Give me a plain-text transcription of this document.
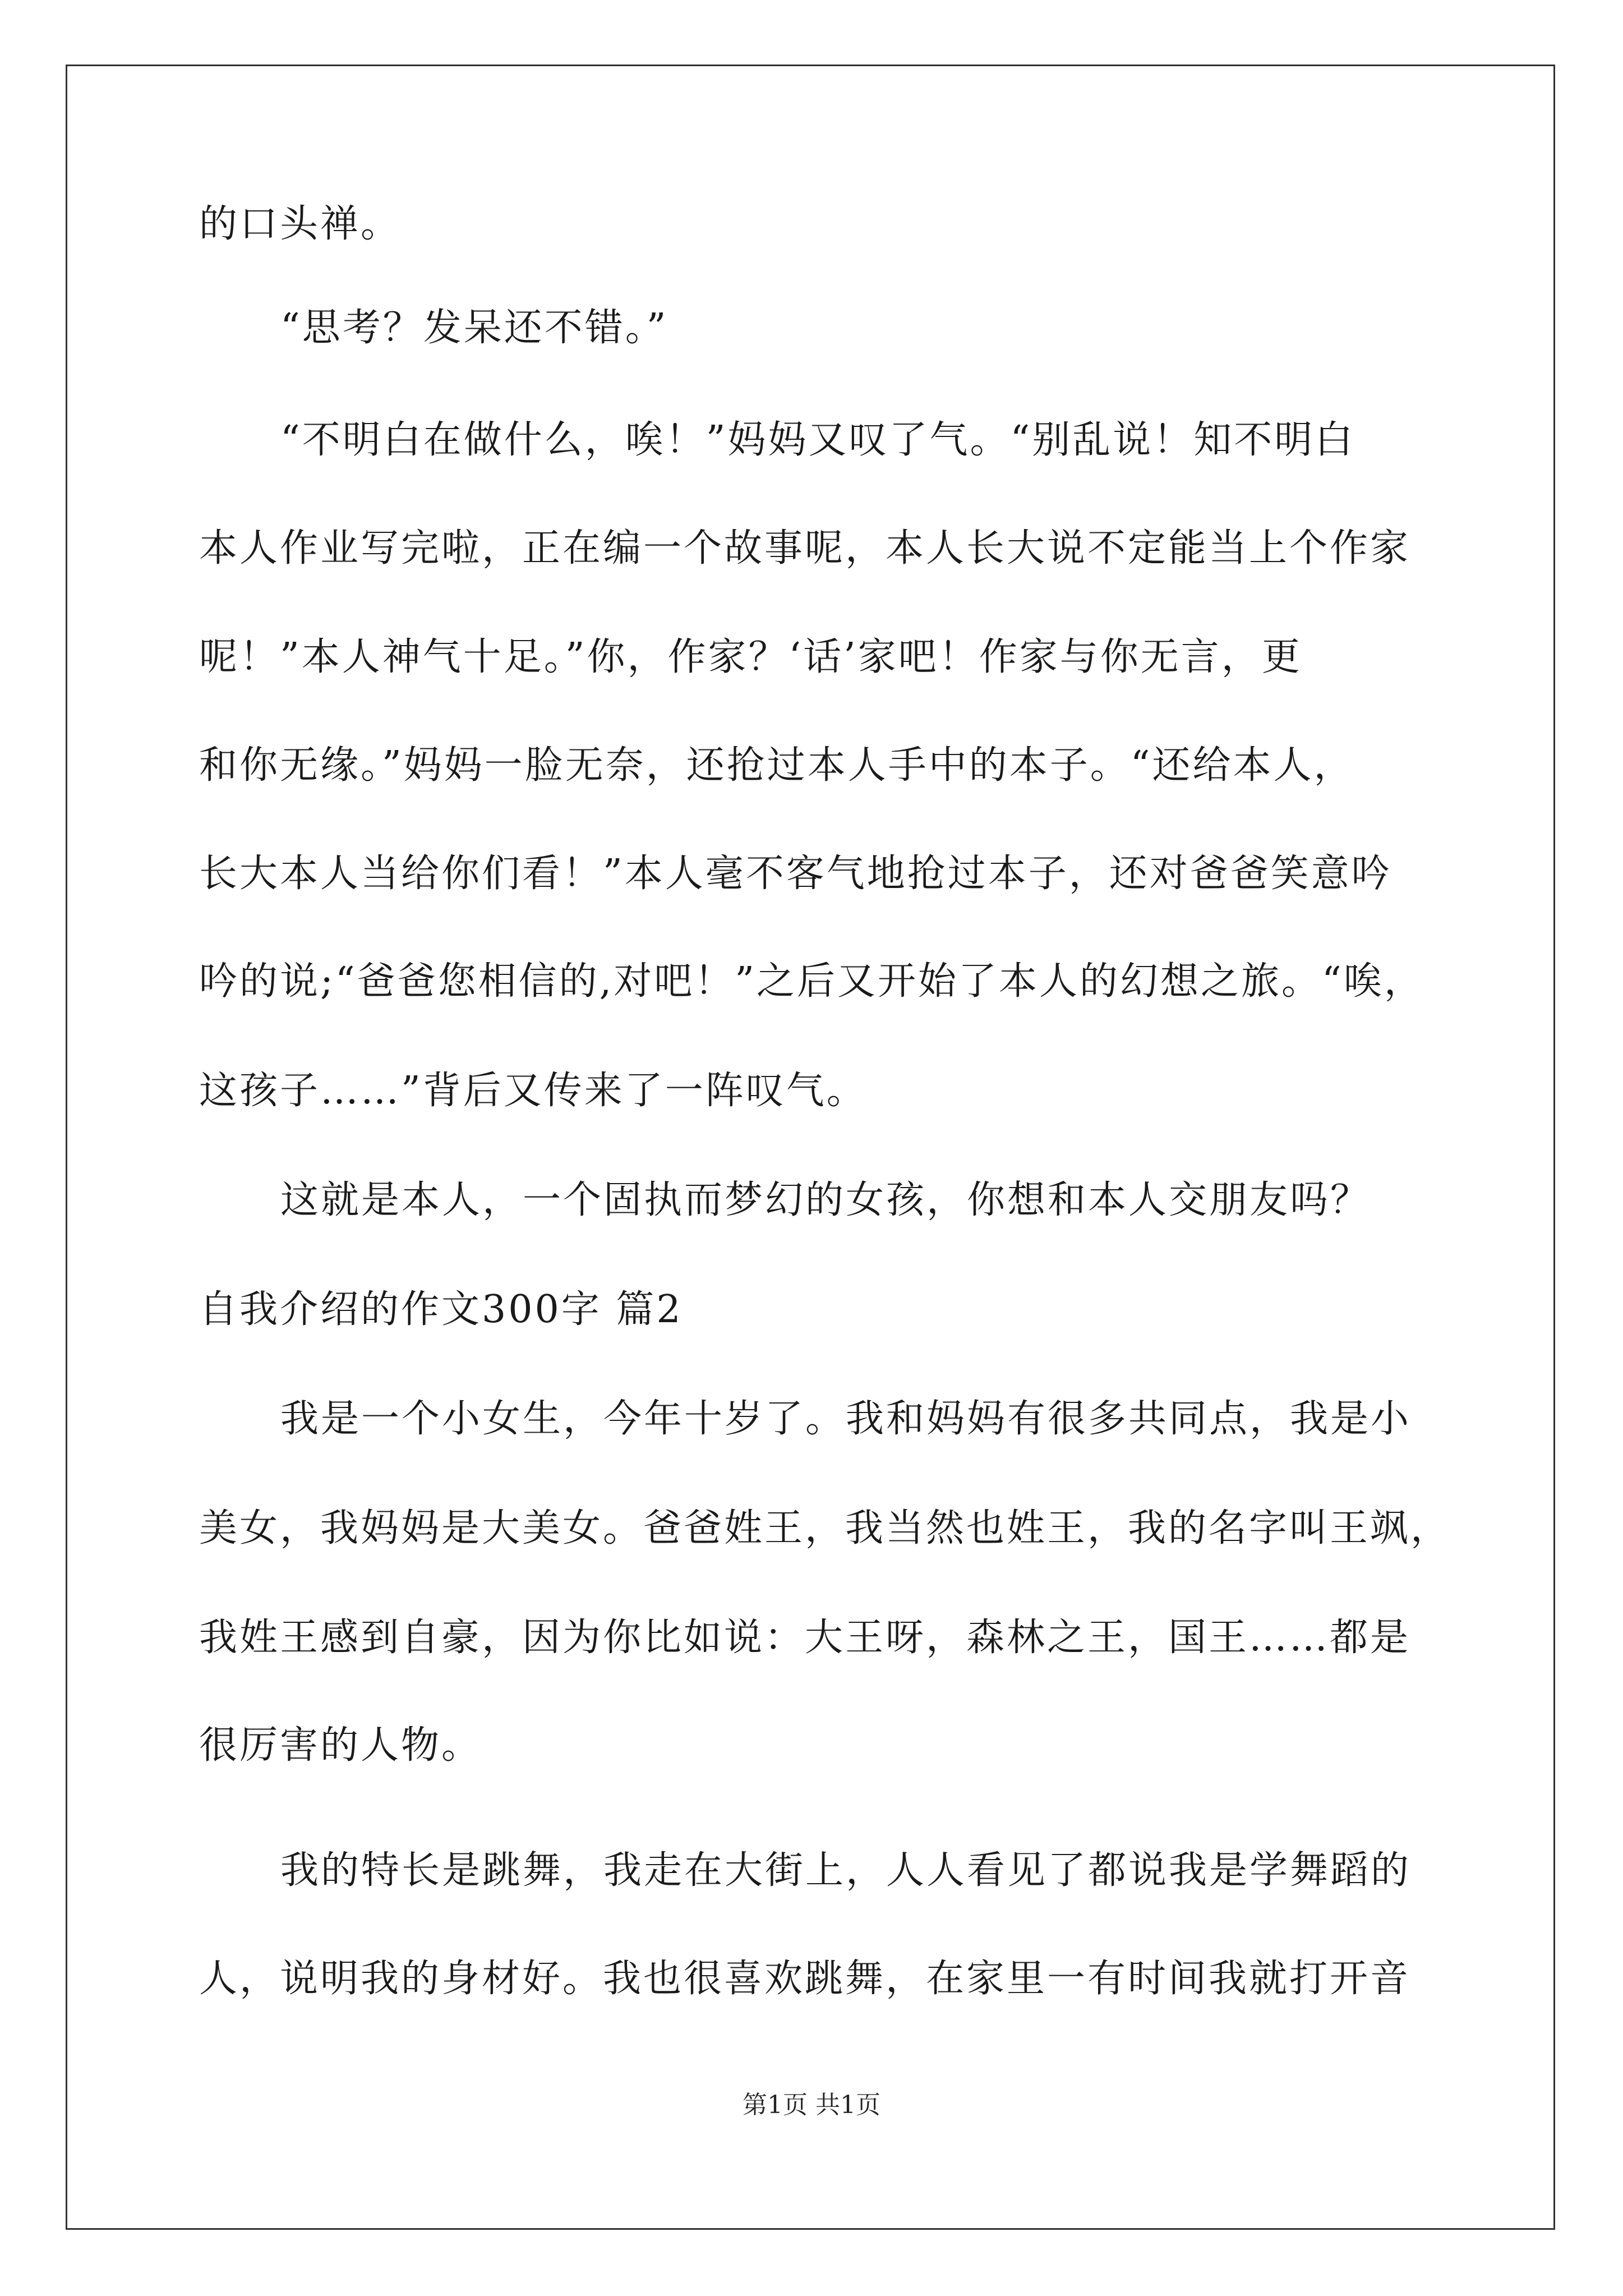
的口头禅。
“思考？发呆还不错。”
“不明白在做什么，唉！”妈妈又叹了气。“别乱说！知不明白
本人作业写完啦，正在编一个故事呢，本人长大说不定能当上个作家
呢！”本人神气十足。”你，作家？‘话’家吧！作家与你无言，更
和你无缘。”妈妈一脸无奈，还抢过本人手中的本子。“还给本人，
长大本人当给你们看！”本人毫不客气地抢过本子，还对爸爸笑意吟
吟的说;“爸爸您相信的,对吧！”之后又开始了本人的幻想之旅。“唉，
这孩子……”背后又传来了一阵叹气。
这就是本人，一个固执而梦幻的女孩，你想和本人交朋友吗？
自我介绍的作文300字 篇2
我是一个小女生，今年十岁了。我和妈妈有很多共同点，我是小
美女，我妈妈是大美女。爸爸姓王，我当然也姓王，我的名字叫王飒，
我姓王感到自豪，因为你比如说：大王呀，森林之王，国王……都是
很厉害的人物。
我的特长是跳舞，我走在大街上，人人看见了都说我是学舞蹈的
人，说明我的身材好。我也很喜欢跳舞，在家里一有时间我就打开音
第1页 共1页
